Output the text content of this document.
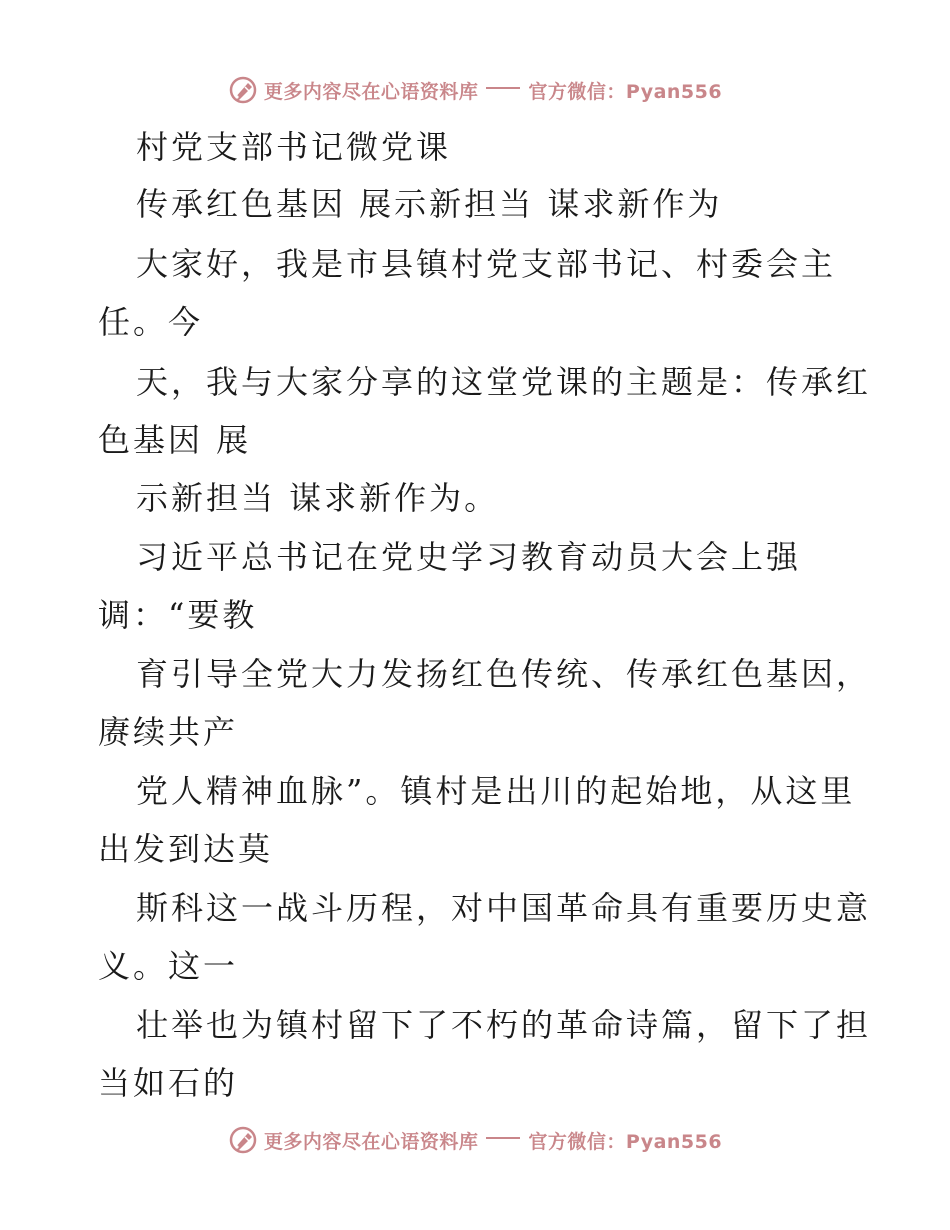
更多内容尽在心语资料库	官方微信：Pyan556
村党支部书记微党课
传承红色基因 展示新担当 谋求新作为
大家好，我是市县镇村党支部书记、村委会主
任。今
天，我与大家分享的这堂党课的主题是：传承红
色基因 展
示新担当 谋求新作为。
习近平总书记在党史学习教育动员大会上强
调：“要教
育引导全党大力发扬红色传统、传承红色基因，
赓续共产
党人精神血脉”。镇村是出川的起始地，从这里
出发到达莫
斯科这一战斗历程，对中国革命具有重要历史意
义。这一
壮举也为镇村留下了不朽的革命诗篇，留下了担
当如石的
更多内容尽在心语资料库	官方微信：Pyan556
